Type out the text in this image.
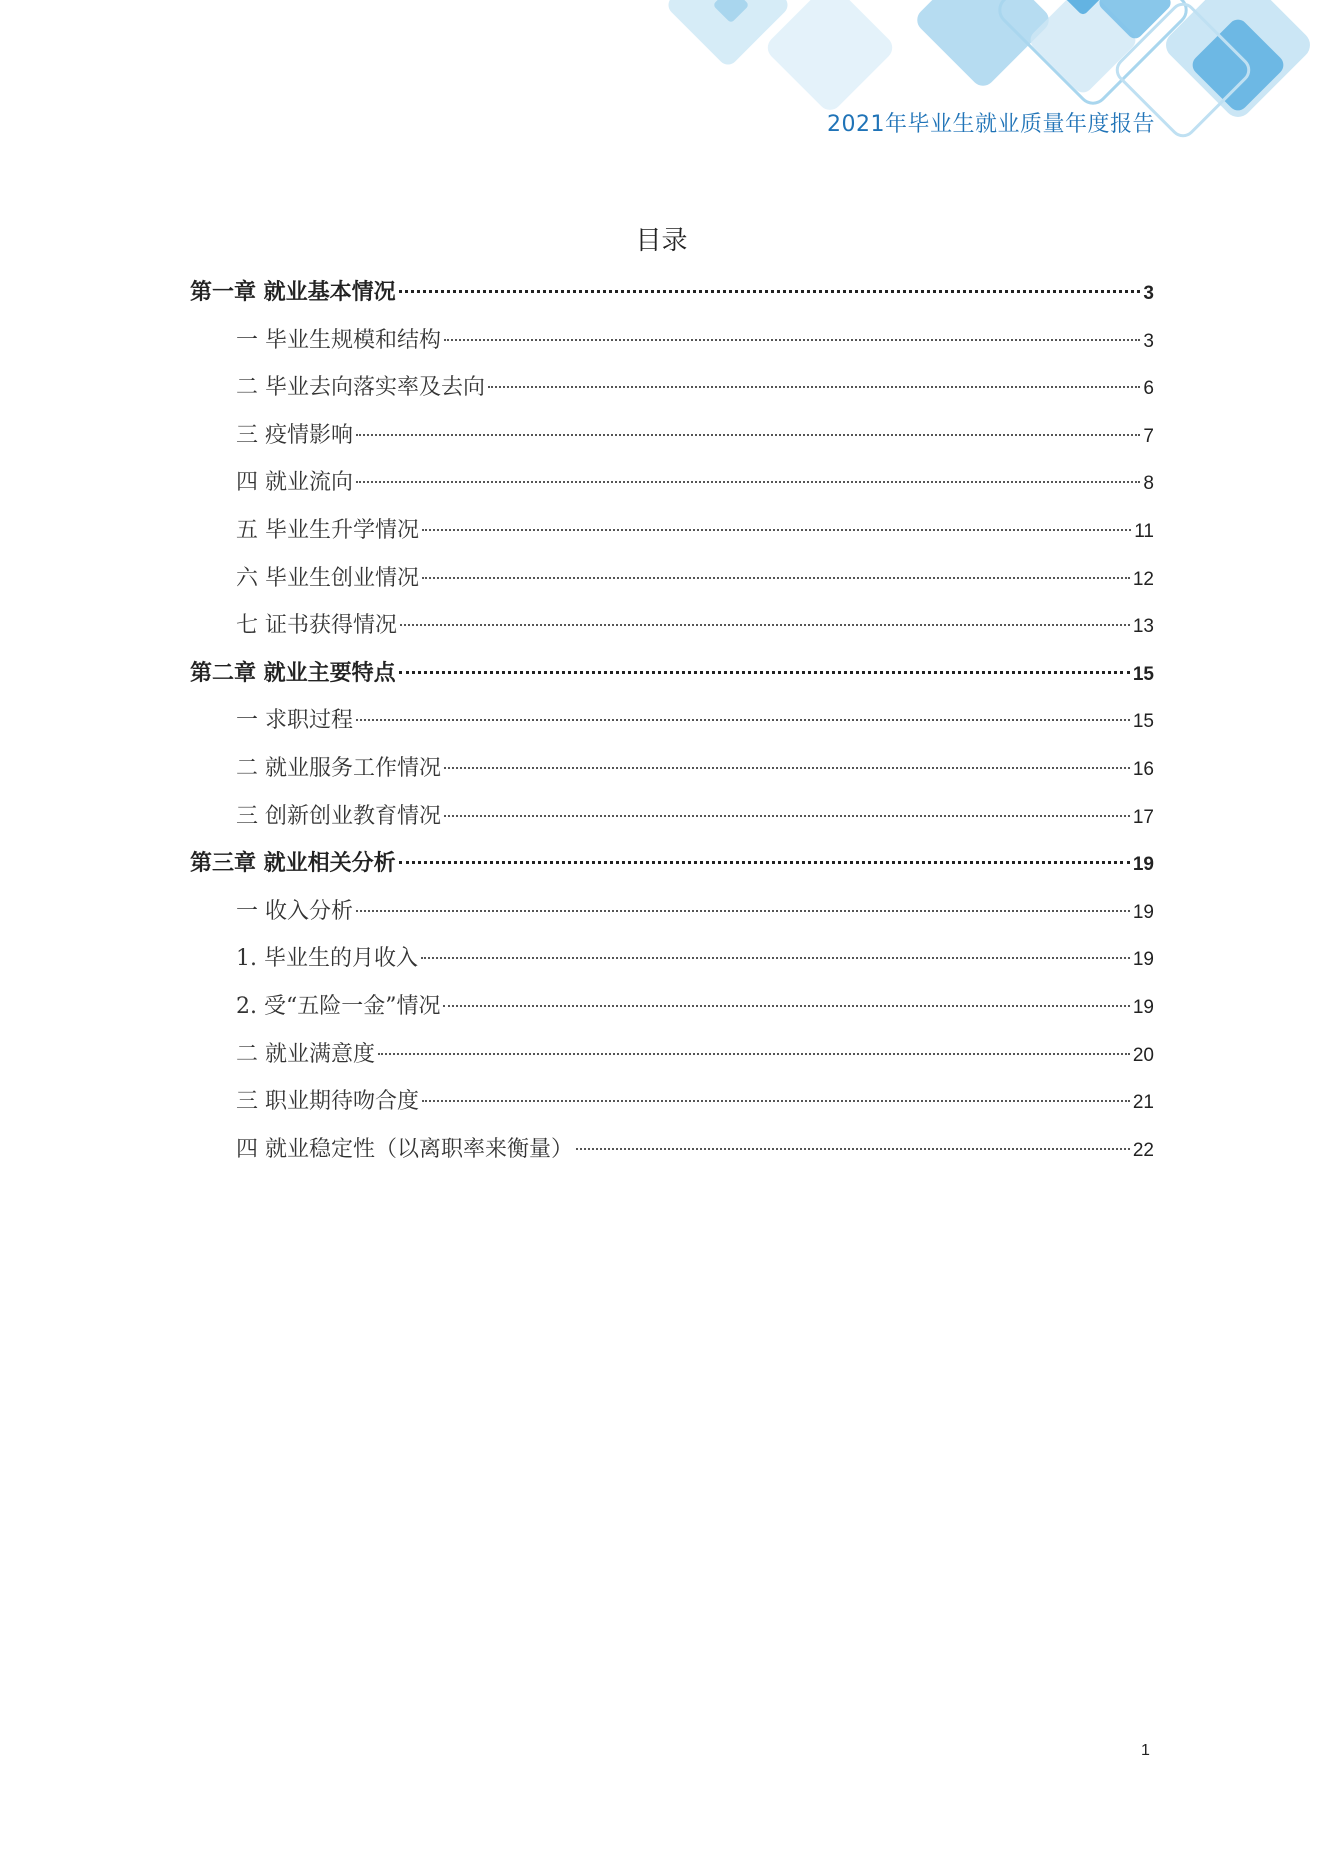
2021年毕业生就业质量年度报告
目录
第一章 就业基本情况	3
一 毕业生规模和结构	3
二 毕业去向落实率及去向	6
三 疫情影响	7
四 就业流向	8
五 毕业生升学情况	11
六 毕业生创业情况	12
七 证书获得情况	13
第二章 就业主要特点	15
一 求职过程	15
二 就业服务工作情况	16
三 创新创业教育情况	17
第三章 就业相关分析	19
一 收入分析	19
1. 毕业生的月收入	19
2. 受“五险一金”情况	19
二 就业满意度	20
三 职业期待吻合度	21
四 就业稳定性（以离职率来衡量）	22
1
